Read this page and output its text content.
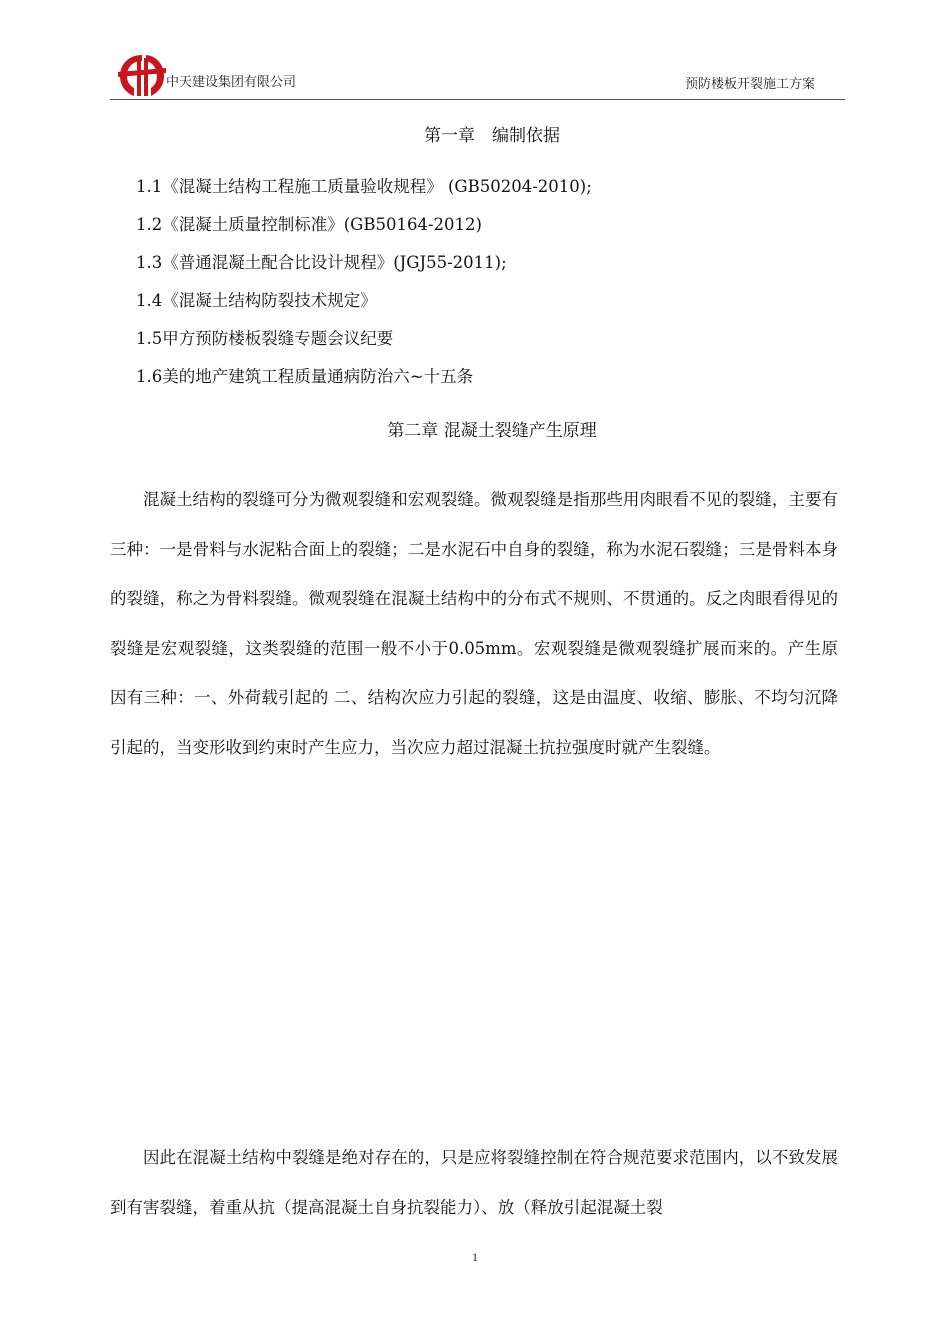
中天建设集团有限公司	预防楼板开裂施工方案
第一章　编制依据
1.1《混凝土结构工程施工质量验收规程》 (GB50204-2010);
1.2《混凝土质量控制标准》(GB50164-2012)
1.3《普通混凝土配合比设计规程》(JGJ55-2011);
1.4《混凝土结构防裂技术规定》
1.5甲方预防楼板裂缝专题会议纪要
1.6美的地产建筑工程质量通病防治六~十五条
第二章 混凝土裂缝产生原理

混凝土结构的裂缝可分为微观裂缝和宏观裂缝。微观裂缝是指那些用肉眼看不见的裂缝，主要有三种：一是骨料与水泥粘合面上的裂缝；二是水泥石中自身的裂缝，称为水泥石裂缝；三是骨料本身的裂缝，称之为骨料裂缝。微观裂缝在混凝土结构中的分布式不规则、不贯通的。反之肉眼看得见的裂缝是宏观裂缝，这类裂缝的范围一般不小于0.05mm。宏观裂缝是微观裂缝扩展而来的。产生原因有三种：一、外荷载引起的 二、结构次应力引起的裂缝，这是由温度、收缩、膨胀、不均匀沉降引起的，当变形收到约束时产生应力，当次应力超过混凝土抗拉强度时就产生裂缝。

因此在混凝土结构中裂缝是绝对存在的，只是应将裂缝控制在符合规范要求范围内，以不致发展到有害裂缝，着重从抗（提高混凝土自身抗裂能力）、放（释放引起混凝土裂

1
